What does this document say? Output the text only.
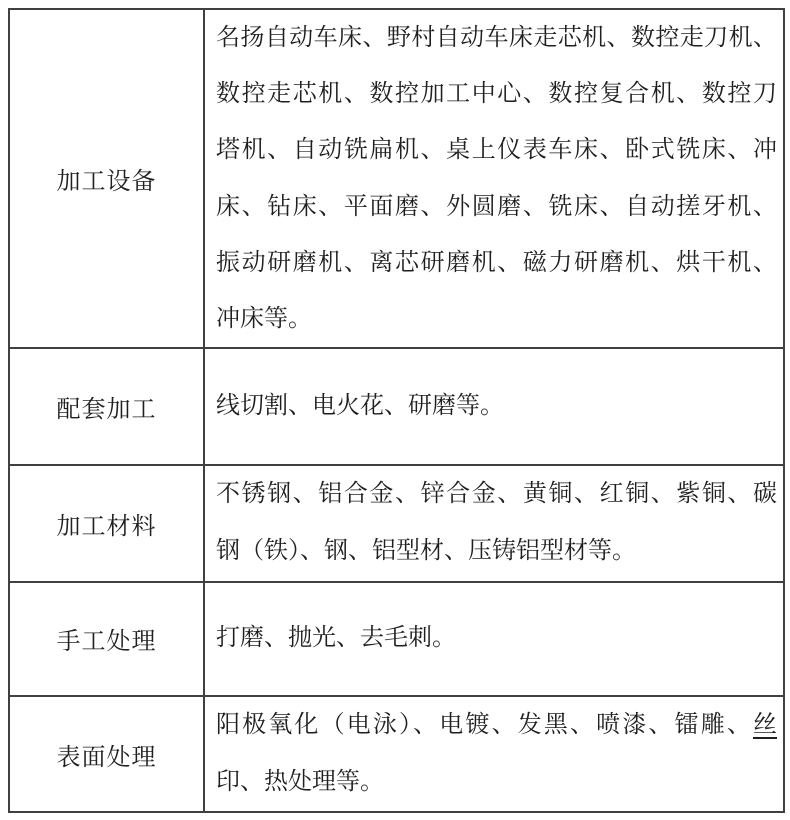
加工设备
名扬自动车床、野村自动车床走芯机、数控走刀机、
数控走芯机、数控加工中心、数控复合机、数控刀
塔机、自动铣扁机、桌上仪表车床、卧式铣床、冲
床、钻床、平面磨、外圆磨、铣床、自动搓牙机、
振动研磨机、离芯研磨机、磁力研磨机、烘干机、
冲床等。
配套加工	线切割、电火花、研磨等。
加工材料
不锈钢、铝合金、锌合金、黄铜、红铜、紫铜、碳
钢（铁）、钢、铝型材、压铸铝型材等。
手工处理	打磨、抛光、去毛刺。
表面处理
阳极氧化（电泳）、电镀、发黑、喷漆、镭雕、丝
印、热处理等。
